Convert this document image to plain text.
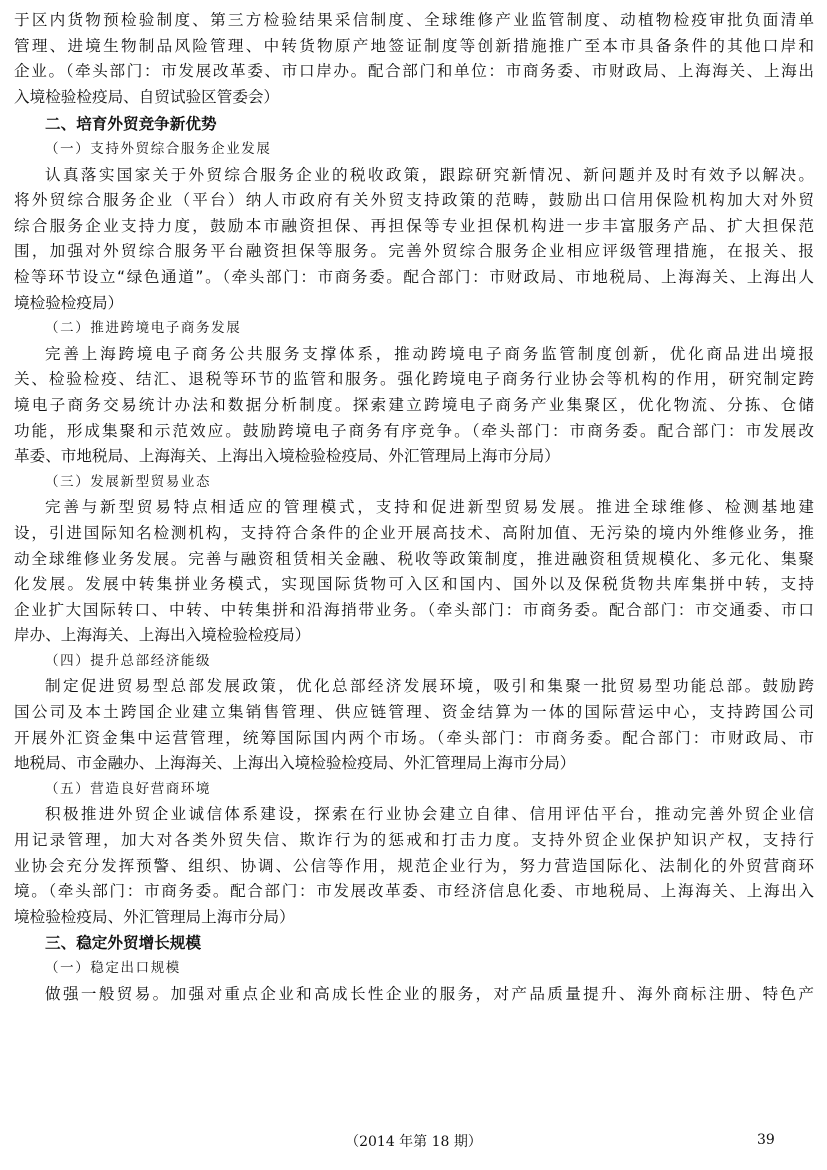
于区内货物预检验制度、第三方检验结果采信制度、全球维修产业监管制度、动植物检疫审批负面清单
管理、进境生物制品风险管理、中转货物原产地签证制度等创新措施推广至本市具备条件的其他口岸和
企业。（牵头部门：市发展改革委、市口岸办。配合部门和单位：市商务委、市财政局、上海海关、上海出
入境检验检疫局、自贸试验区管委会）
二、培育外贸竞争新优势
（一）支持外贸综合服务企业发展
认真落实国家关于外贸综合服务企业的税收政策，跟踪研究新情况、新问题并及时有效予以解决。
将外贸综合服务企业（平台）纳人市政府有关外贸支持政策的范畴，鼓励出口信用保险机构加大对外贸
综合服务企业支持力度，鼓励本市融资担保、再担保等专业担保机构进一步丰富服务产品、扩大担保范
围，加强对外贸综合服务平台融资担保等服务。完善外贸综合服务企业相应评级管理措施，在报关、报
检等环节设立“绿色通道”。（牵头部门：市商务委。配合部门：市财政局、市地税局、上海海关、上海出人
境检验检疫局）
（二）推进跨境电子商务发展
完善上海跨境电子商务公共服务支撑体系，推动跨境电子商务监管制度创新，优化商品进出境报
关、检验检疫、结汇、退税等环节的监管和服务。强化跨境电子商务行业协会等机构的作用，研究制定跨
境电子商务交易统计办法和数据分析制度。探索建立跨境电子商务产业集聚区，优化物流、分拣、仓储
功能，形成集聚和示范效应。鼓励跨境电子商务有序竞争。（牵头部门：市商务委。配合部门：市发展改
革委、市地税局、上海海关、上海出入境检验检疫局、外汇管理局上海市分局）
（三）发展新型贸易业态
完善与新型贸易特点相适应的管理模式，支持和促进新型贸易发展。推进全球维修、检测基地建
设，引进国际知名检测机构，支持符合条件的企业开展高技术、高附加值、无污染的境内外维修业务，推
动全球维修业务发展。完善与融资租赁相关金融、税收等政策制度，推进融资租赁规模化、多元化、集聚
化发展。发展中转集拼业务模式，实现国际货物可入区和国内、国外以及保税货物共库集拼中转，支持
企业扩大国际转口、中转、中转集拼和沿海捎带业务。（牵头部门：市商务委。配合部门：市交通委、市口
岸办、上海海关、上海出入境检验检疫局）
（四）提升总部经济能级
制定促进贸易型总部发展政策，优化总部经济发展环境，吸引和集聚一批贸易型功能总部。鼓励跨
国公司及本土跨国企业建立集销售管理、供应链管理、资金结算为一体的国际营运中心，支持跨国公司
开展外汇资金集中运营管理，统筹国际国内两个市场。（牵头部门：市商务委。配合部门：市财政局、市
地税局、市金融办、上海海关、上海出入境检验检疫局、外汇管理局上海市分局）
（五）营造良好营商环境
积极推进外贸企业诚信体系建设，探索在行业协会建立自律、信用评估平台，推动完善外贸企业信
用记录管理，加大对各类外贸失信、欺诈行为的惩戒和打击力度。支持外贸企业保护知识产权，支持行
业协会充分发挥预警、组织、协调、公信等作用，规范企业行为，努力营造国际化、法制化的外贸营商环
境。（牵头部门：市商务委。配合部门：市发展改革委、市经济信息化委、市地税局、上海海关、上海出入
境检验检疫局、外汇管理局上海市分局）
三、稳定外贸增长规模
（一）稳定出口规模
做强一般贸易。加强对重点企业和高成长性企业的服务，对产品质量提升、海外商标注册、特色产
（2014 年第 18 期）	39
